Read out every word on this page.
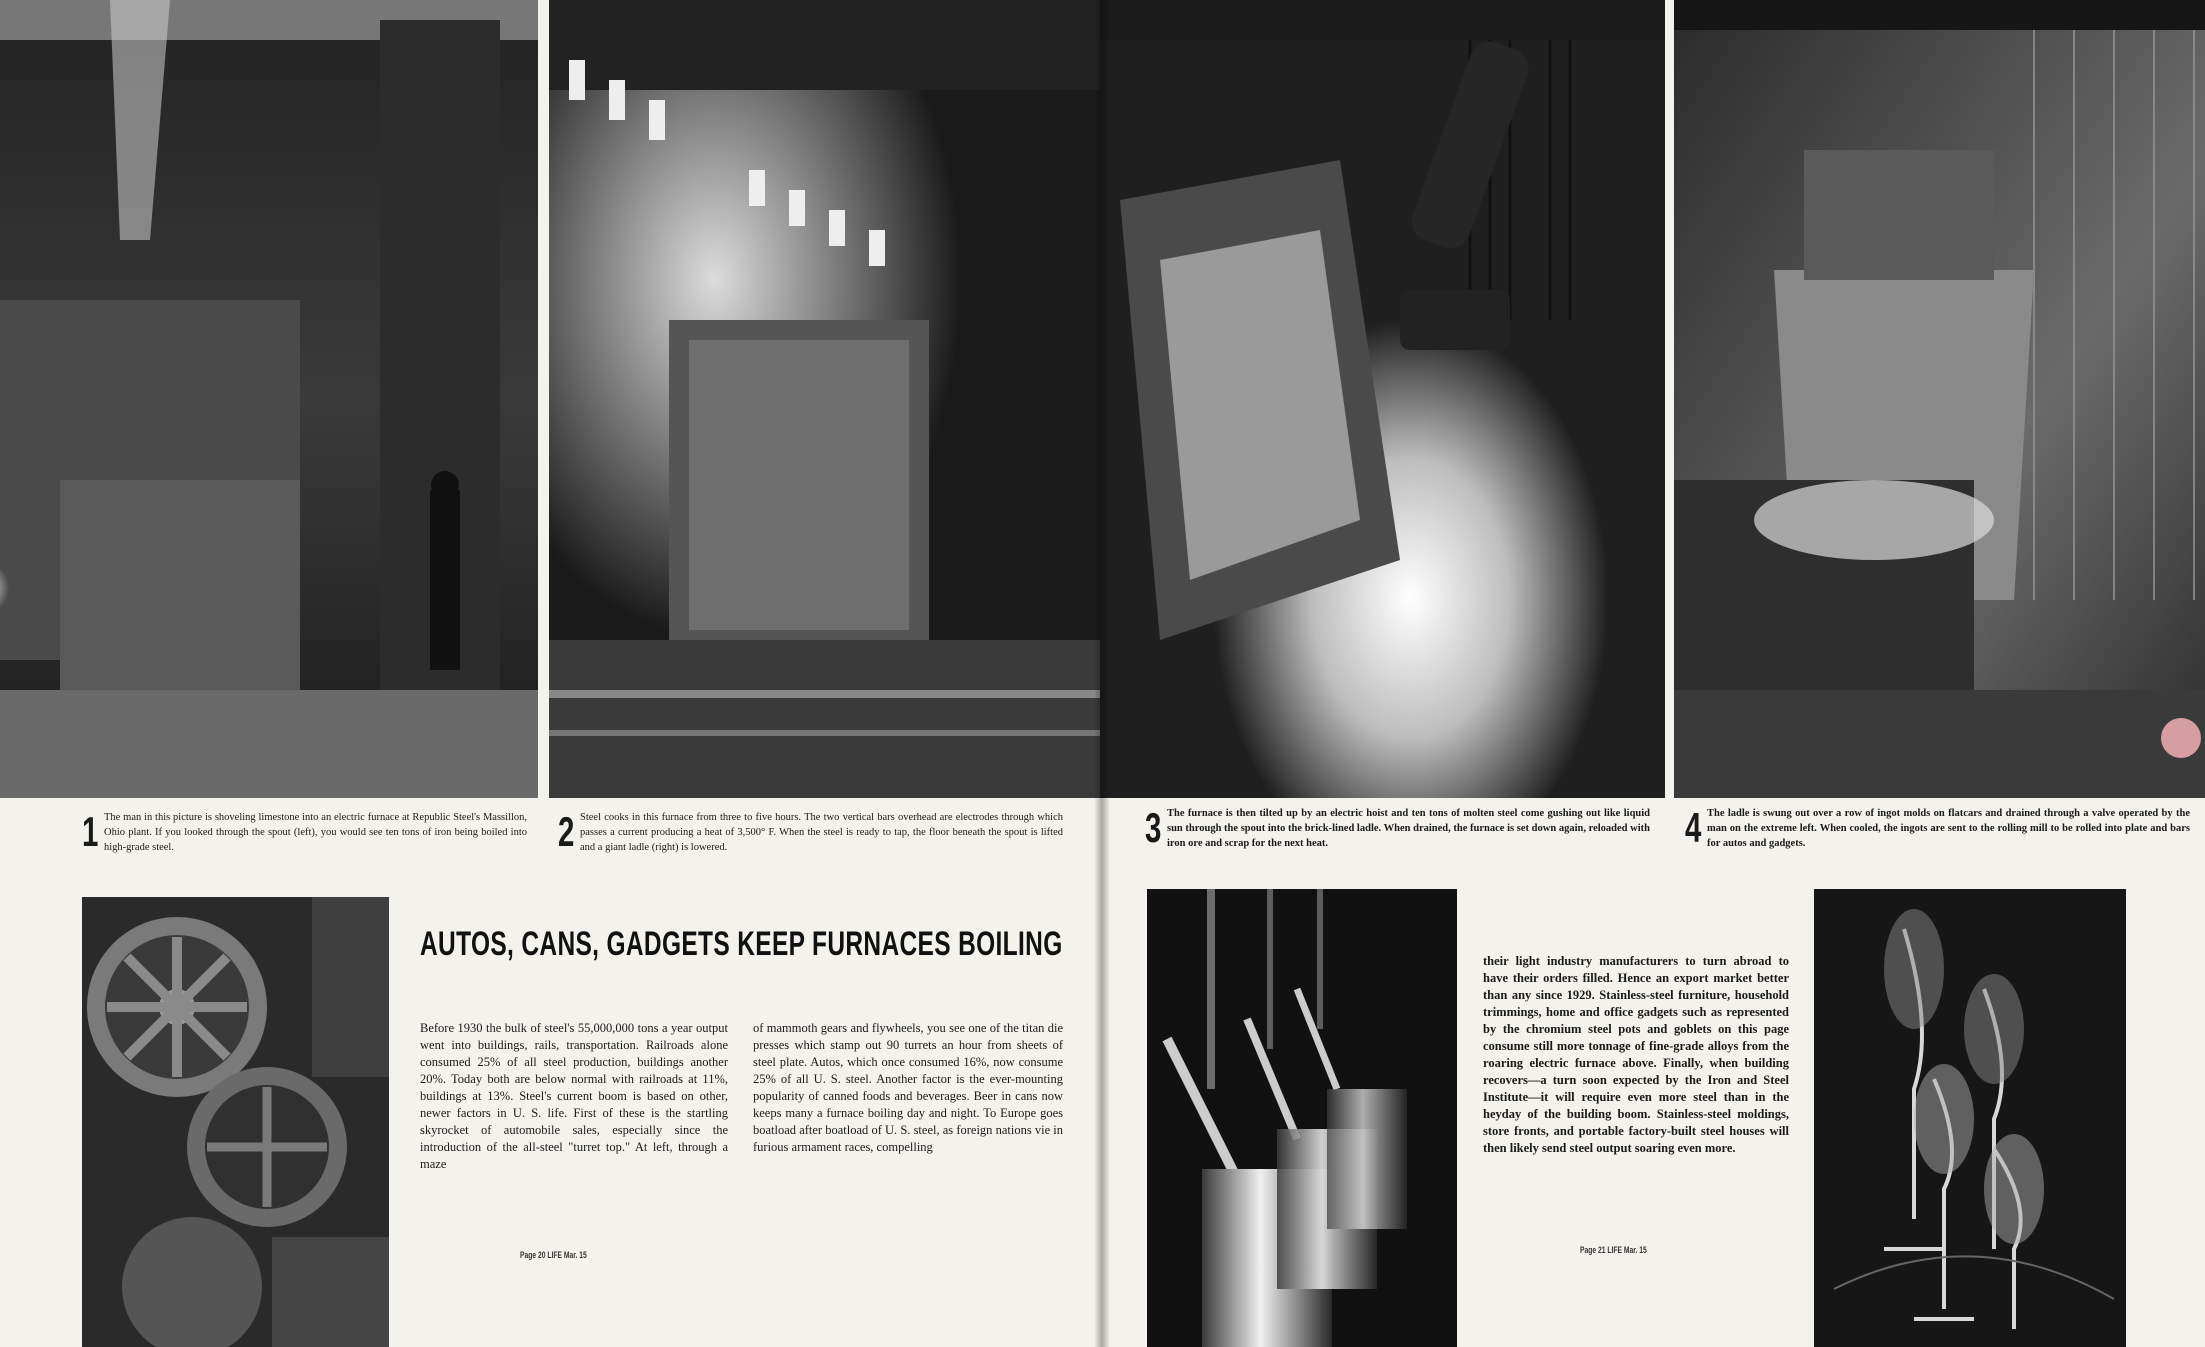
1 The man in this picture is shoveling limestone into an electric furnace at Republic Steel's Massillon, Ohio plant. If you looked through the spout (left), you would see ten tons of iron being boiled into high-grade steel.	2 Steel cooks in this furnace from three to five hours. The two vertical bars overhead are electrodes through which passes a current producing a heat of 3,500° F. When the steel is ready to tap, the floor beneath the spout is lifted and a giant ladle (right) is lowered.
AUTOS, CANS, GADGETS KEEP FURNACES BOILING
Before 1930 the bulk of steel's 55,000,000 tons a year output went into buildings, rails, transportation. Railroads alone consumed 25% of all steel production, buildings another 20%. Today both are below normal with railroads at 11%, buildings at 13%. Steel's current boom is based on other, newer factors in U. S. life. First of these is the startling skyrocket of automobile sales, especially since the introduction of the all-steel "turret top." At left, through a maze
of mammoth gears and flywheels, you see one of the titan die presses which stamp out 90 turrets an hour from sheets of steel plate. Autos, which once consumed 16%, now consume 25% of all U. S. steel. Another factor is the ever-mounting popularity of canned foods and beverages. Beer in cans now keeps many a furnace boiling day and night. To Europe goes boatload after boatload of U. S. steel, as foreign nations vie in furious armament races, compelling
Page 20 LIFE Mar. 15
3 The furnace is then tilted up by an electric hoist and ten tons of molten steel come gushing out like liquid sun through the spout into the brick-lined ladle. When drained, the furnace is set down again, reloaded with iron ore and scrap for the next heat.	4 The ladle is swung out over a row of ingot molds on flatcars and drained through a valve operated by the man on the extreme left. When cooled, the ingots are sent to the rolling mill to be rolled into plate and bars for autos and gadgets.
their light industry manufacturers to turn abroad to have their orders filled. Hence an export market better than any since 1929. Stainless-steel furniture, household trimmings, home and office gadgets such as represented by the chromium steel pots and goblets on this page consume still more tonnage of fine-grade alloys from the roaring electric furnace above. Finally, when building recovers—a turn soon expected by the Iron and Steel Institute—it will require even more steel than in the heyday of the building boom. Stainless-steel moldings, store fronts, and portable factory-built steel houses will then likely send steel output soaring even more.
Page 21 LIFE Mar. 15
